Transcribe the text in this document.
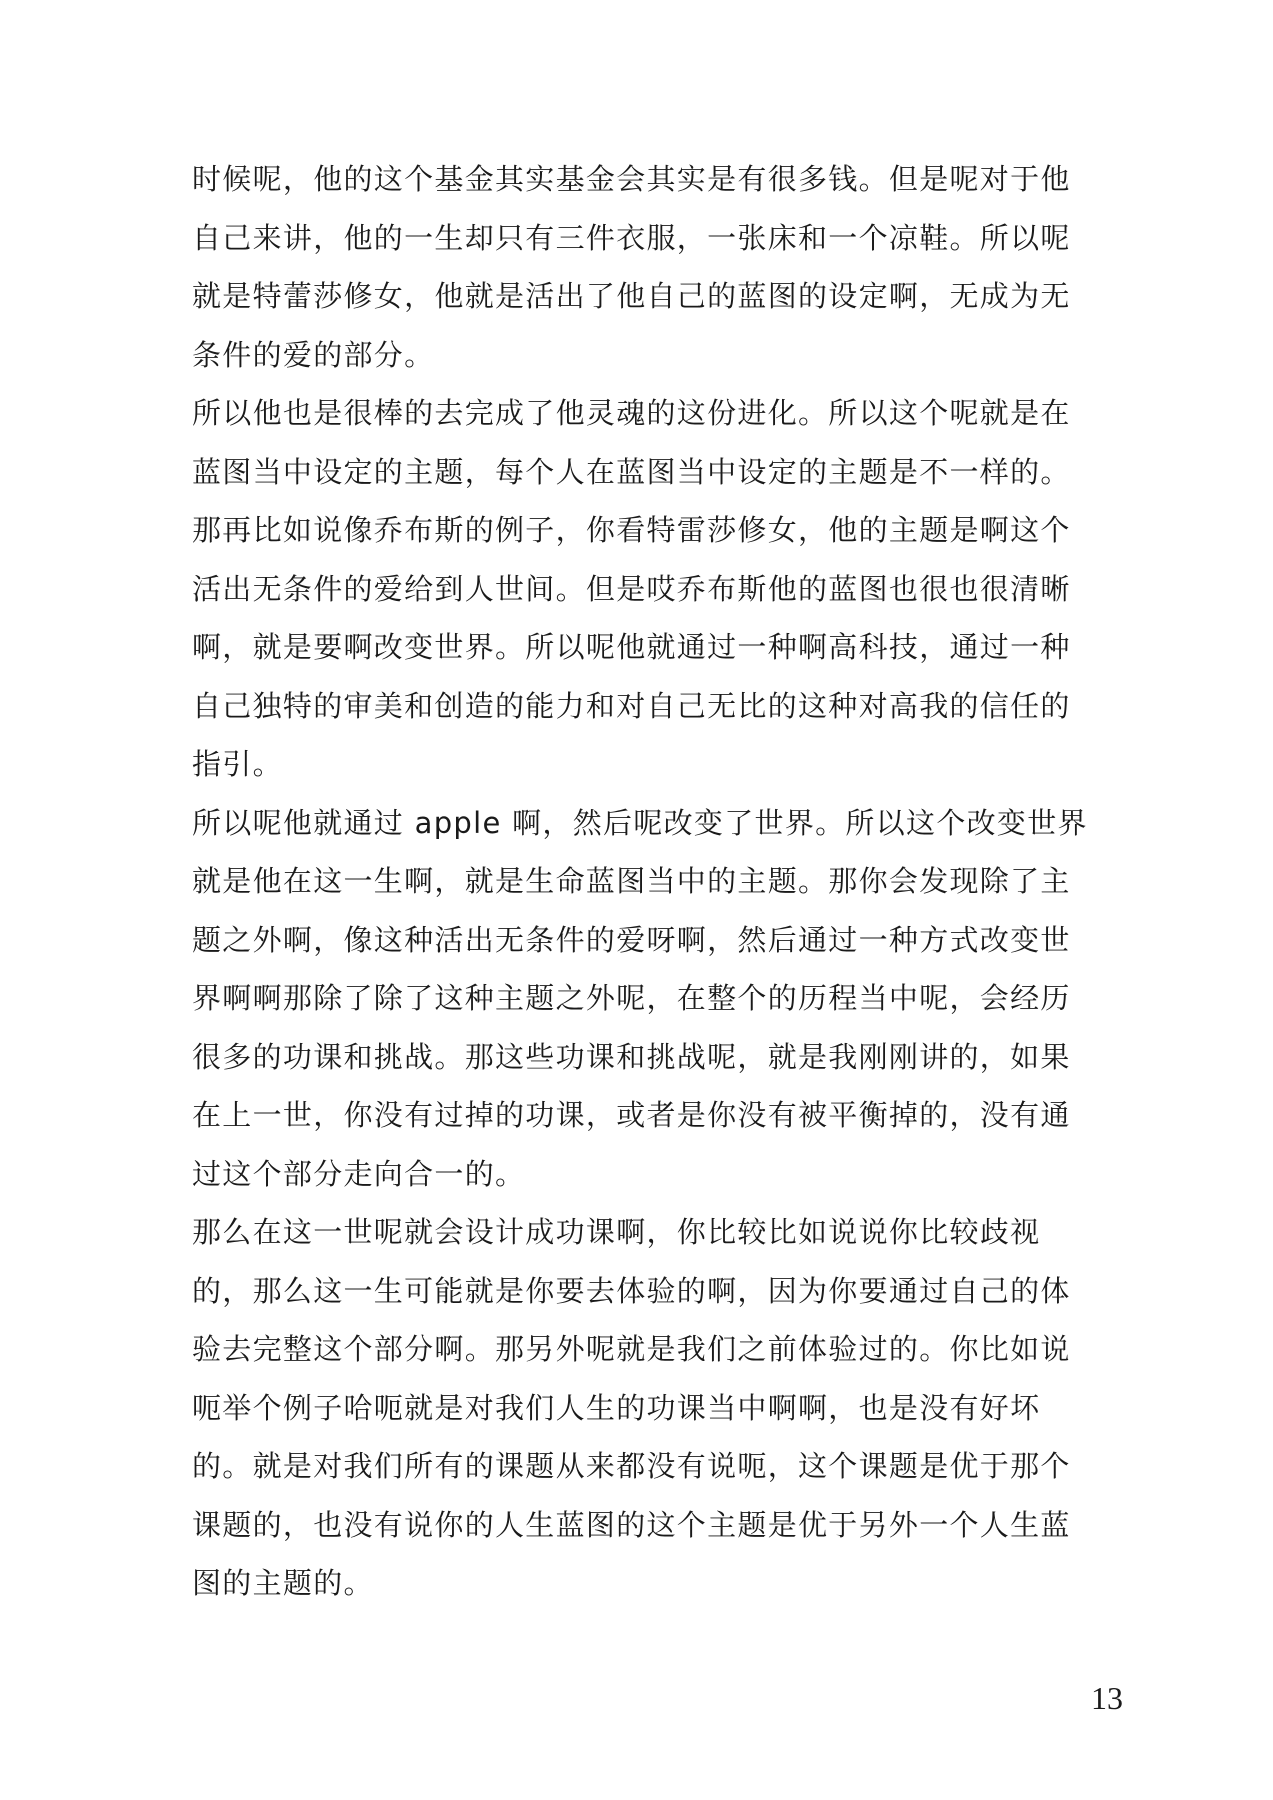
时候呢，他的这个基金其实基金会其实是有很多钱。但是呢对于他
自己来讲，他的一生却只有三件衣服，一张床和一个凉鞋。所以呢
就是特蕾莎修女，他就是活出了他自己的蓝图的设定啊，无成为无
条件的爱的部分。
所以他也是很棒的去完成了他灵魂的这份进化。所以这个呢就是在
蓝图当中设定的主题，每个人在蓝图当中设定的主题是不一样的。
那再比如说像乔布斯的例子，你看特雷莎修女，他的主题是啊这个
活出无条件的爱给到人世间。但是哎乔布斯他的蓝图也很也很清晰
啊，就是要啊改变世界。所以呢他就通过一种啊高科技，通过一种
自己独特的审美和创造的能力和对自己无比的这种对高我的信任的
指引。
所以呢他就通过 apple 啊，然后呢改变了世界。所以这个改变世界
就是他在这一生啊，就是生命蓝图当中的主题。那你会发现除了主
题之外啊，像这种活出无条件的爱呀啊，然后通过一种方式改变世
界啊啊那除了除了这种主题之外呢，在整个的历程当中呢，会经历
很多的功课和挑战。那这些功课和挑战呢，就是我刚刚讲的，如果
在上一世，你没有过掉的功课，或者是你没有被平衡掉的，没有通
过这个部分走向合一的。
那么在这一世呢就会设计成功课啊，你比较比如说说你比较歧视
的，那么这一生可能就是你要去体验的啊，因为你要通过自己的体
验去完整这个部分啊。那另外呢就是我们之前体验过的。你比如说
呃举个例子哈呃就是对我们人生的功课当中啊啊，也是没有好坏
的。就是对我们所有的课题从来都没有说呃，这个课题是优于那个
课题的，也没有说你的人生蓝图的这个主题是优于另外一个人生蓝
图的主题的。
13
